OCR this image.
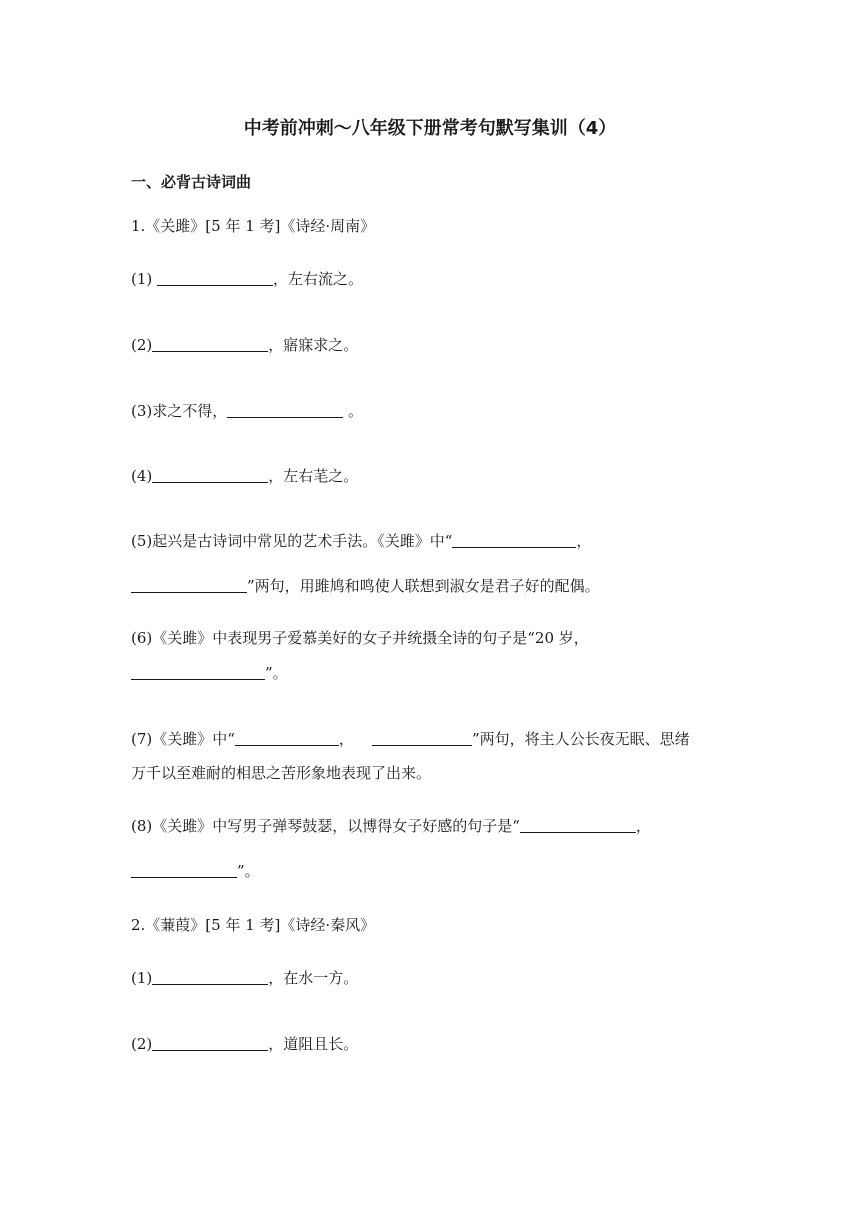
中考前冲刺～八年级下册常考句默写集训（4）
一、必背古诗词曲
1.《关雎》[5 年 1 考]《诗经·周南》
(1)	，左右流之。
(2)	，寤寐求之。
(3)求之不得，	。
(4)	，左右芼之。
(5)起兴是古诗词中常见的艺术手法。《关雎》中“	，
”两句，用雎鸠和鸣使人联想到淑女是君子好的配偶。
(6)《关雎》中表现男子爱慕美好的女子并统摄全诗的句子是“20 岁，
”。
(7)《关雎》中“	，	”两句，将主人公长夜无眠、思绪
万千以至难耐的相思之苦形象地表现了出来。
(8)《关雎》中写男子弹琴鼓瑟，以博得女子好感的句子是“	，
”。
2.《蒹葭》[5 年 1 考]《诗经·秦风》
(1)	，在水一方。
(2)	，道阻且长。
